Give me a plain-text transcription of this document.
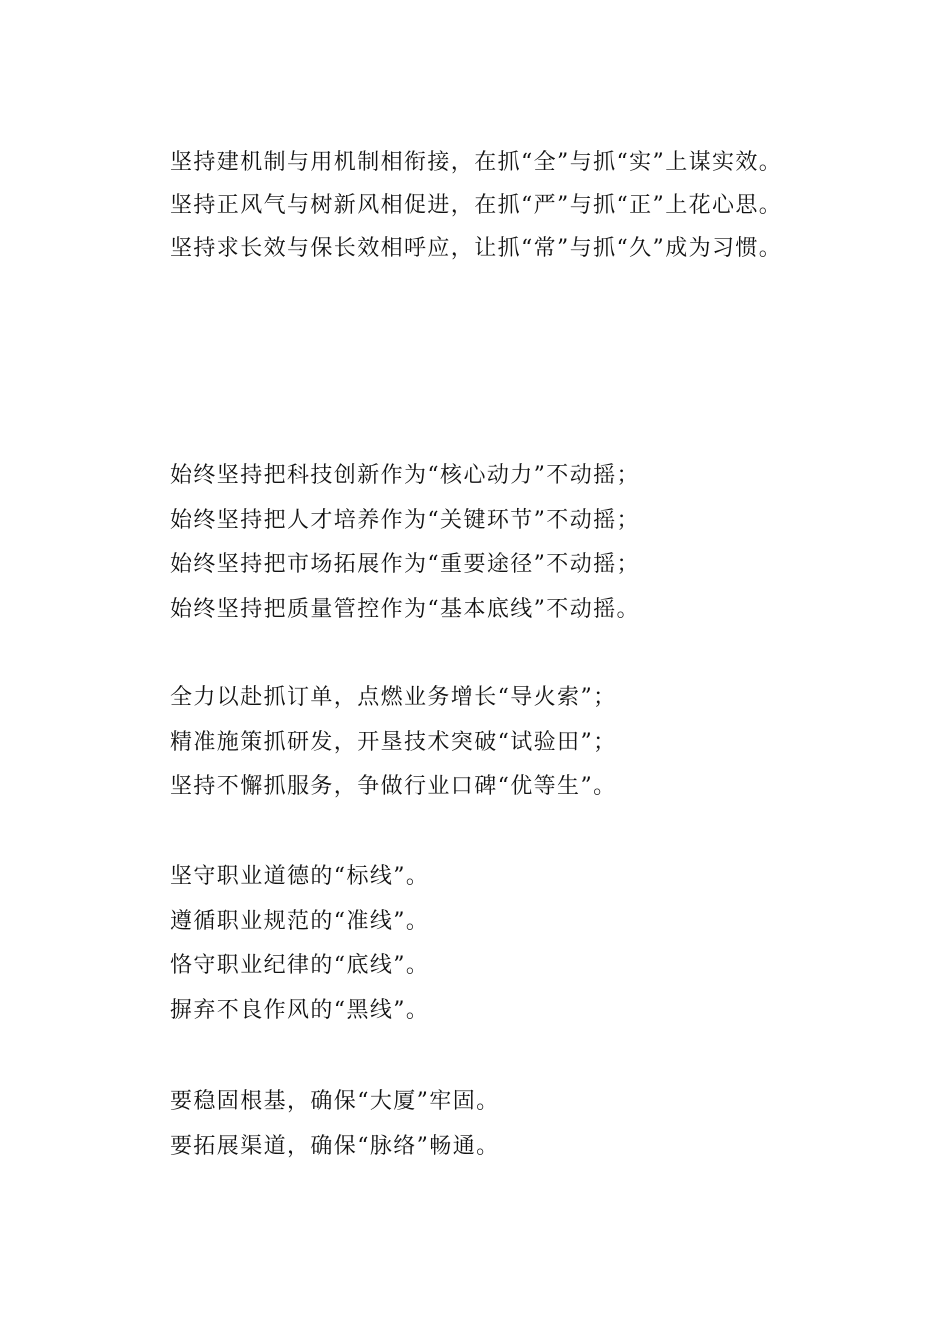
坚持建机制与用机制相衔接，在抓“全”与抓“实”上谋实效。

坚持正风气与树新风相促进，在抓“严”与抓“正”上花心思。

坚持求长效与保长效相呼应，让抓“常”与抓“久”成为习惯。

始终坚持把科技创新作为“核心动力”不动摇；

始终坚持把人才培养作为“关键环节”不动摇；

始终坚持把市场拓展作为“重要途径”不动摇；

始终坚持把质量管控作为“基本底线”不动摇。

全力以赴抓订单，点燃业务增长“导火索”；

精准施策抓研发，开垦技术突破“试验田”；

坚持不懈抓服务，争做行业口碑“优等生”。

坚守职业道德的“标线”。

遵循职业规范的“准线”。

恪守职业纪律的“底线”。

摒弃不良作风的“黑线”。

要稳固根基，确保“大厦”牢固。

要拓展渠道，确保“脉络”畅通。
